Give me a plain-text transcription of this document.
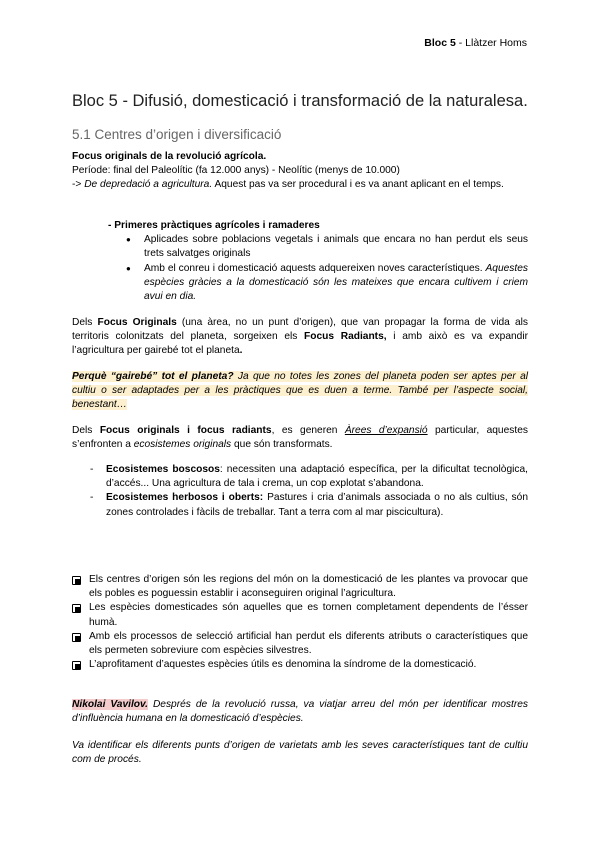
Bloc 5 - Llàtzer Homs
Bloc 5 - Difusió, domesticació i transformació de la naturalesa.
5.1 Centres d’origen i diversificació
Focus originals de la revolució agrícola.
Període: final del Paleolític (fa 12.000 anys) - Neolític (menys de 10.000)
-> De depredació a agricultura. Aquest pas va ser procedural i es va anant aplicant en el temps.
- Primeres pràctiques agrícoles i ramaderes
● Aplicades sobre poblacions vegetals i animals que encara no han perdut els seus trets salvatges originals
● Amb el conreu i domesticació aquests adquereixen noves característiques. Aquestes espècies gràcies a la domesticació són les mateixes que encara cultivem i criem avui en dia.
Dels Focus Originals (una àrea, no un punt d’origen), que van propagar la forma de vida als territoris colonitzats del planeta, sorgeixen els Focus Radiants, i amb això es va expandir l’agricultura per gairebé tot el planeta.
Perquè “gairebé” tot el planeta? Ja que no totes les zones del planeta poden ser aptes per al cultiu o ser adaptades per a les pràctiques que es duen a terme. També per l’aspecte social, benestant…
Dels Focus originals i focus radiants, es generen Àrees d’expansió particular, aquestes s’enfronten a ecosistemes originals que són transformats.
- Ecosistemes boscosos: necessiten una adaptació específica, per la dificultat tecnològica, d’accés... Una agricultura de tala i crema, un cop explotat s’abandona.
- Ecosistemes herbosos i oberts: Pastures i cria d’animals associada o no als cultius, són zones controlades i fàcils de treballar. Tant a terra com al mar piscicultura).
Els centres d’origen són les regions del món on la domesticació de les plantes va provocar que els pobles es poguessin establir i aconseguiren original l’agricultura.
Les espècies domesticades són aquelles que es tornen completament dependents de l’ésser humà.
Amb els processos de selecció artificial han perdut els diferents atributs o característiques que els permeten sobreviure com espècies silvestres.
L’aprofitament d’aquestes espècies útils es denomina la síndrome de la domesticació.
Nikolai Vavilov. Després de la revolució russa, va viatjar arreu del món per identificar mostres d’influència humana en la domesticació d’espècies.
Va identificar els diferents punts d’origen de varietats amb les seves característiques tant de cultiu com de procés.
